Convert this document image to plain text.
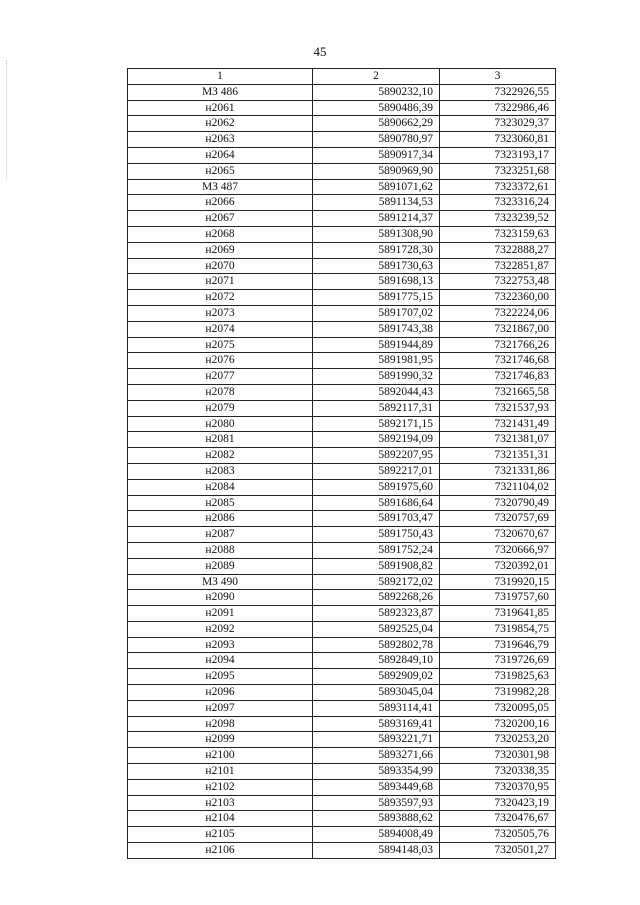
45
1	2	3
МЗ 486	5890232,10	7322926,55
н2061	5890486,39	7322986,46
н2062	5890662,29	7323029,37
н2063	5890780,97	7323060,81
н2064	5890917,34	7323193,17
н2065	5890969,90	7323251,68
МЗ 487	5891071,62	7323372,61
н2066	5891134,53	7323316,24
н2067	5891214,37	7323239,52
н2068	5891308,90	7323159,63
н2069	5891728,30	7322888,27
н2070	5891730,63	7322851,87
н2071	5891698,13	7322753,48
н2072	5891775,15	7322360,00
н2073	5891707,02	7322224,06
н2074	5891743,38	7321867,00
н2075	5891944,89	7321766,26
н2076	5891981,95	7321746,68
н2077	5891990,32	7321746,83
н2078	5892044,43	7321665,58
н2079	5892117,31	7321537,93
н2080	5892171,15	7321431,49
н2081	5892194,09	7321381,07
н2082	5892207,95	7321351,31
н2083	5892217,01	7321331,86
н2084	5891975,60	7321104,02
н2085	5891686,64	7320790,49
н2086	5891703,47	7320757,69
н2087	5891750,43	7320670,67
н2088	5891752,24	7320666,97
н2089	5891908,82	7320392,01
МЗ 490	5892172,02	7319920,15
н2090	5892268,26	7319757,60
н2091	5892323,87	7319641,85
н2092	5892525,04	7319854,75
н2093	5892802,78	7319646,79
н2094	5892849,10	7319726,69
н2095	5892909,02	7319825,63
н2096	5893045,04	7319982,28
н2097	5893114,41	7320095,05
н2098	5893169,41	7320200,16
н2099	5893221,71	7320253,20
н2100	5893271,66	7320301,98
н2101	5893354,99	7320338,35
н2102	5893449,68	7320370,95
н2103	5893597,93	7320423,19
н2104	5893888,62	7320476,67
н2105	5894008,49	7320505,76
н2106	5894148,03	7320501,27
